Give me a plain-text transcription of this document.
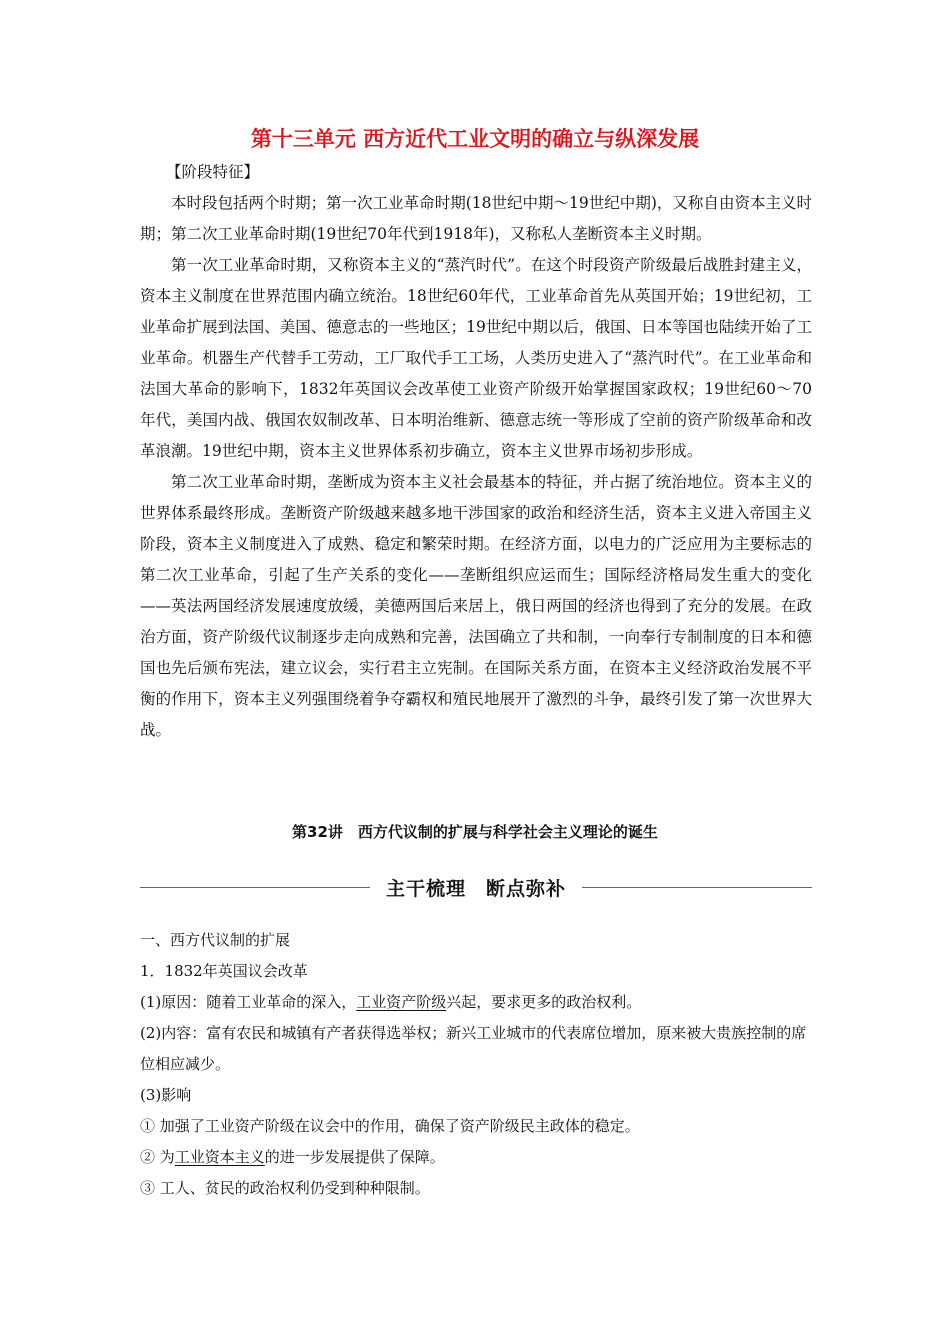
第十三单元 西方近代工业文明的确立与纵深发展

【阶段特征】

本时段包括两个时期；第一次工业革命时期(18世纪中期～19世纪中期)，又称自由资本主义时期；第二次工业革命时期(19世纪70年代到1918年)，又称私人垄断资本主义时期。

第一次工业革命时期，又称资本主义的“蒸汽时代”。在这个时段资产阶级最后战胜封建主义，资本主义制度在世界范围内确立统治。18世纪60年代，工业革命首先从英国开始；19世纪初，工业革命扩展到法国、美国、德意志的一些地区；19世纪中期以后，俄国、日本等国也陆续开始了工业革命。机器生产代替手工劳动，工厂取代手工工场，人类历史进入了“蒸汽时代”。在工业革命和法国大革命的影响下，1832年英国议会改革使工业资产阶级开始掌握国家政权；19世纪60～70年代，美国内战、俄国农奴制改革、日本明治维新、德意志统一等形成了空前的资产阶级革命和改革浪潮。19世纪中期，资本主义世界体系初步确立，资本主义世界市场初步形成。

第二次工业革命时期，垄断成为资本主义社会最基本的特征，并占据了统治地位。资本主义的世界体系最终形成。垄断资产阶级越来越多地干涉国家的政治和经济生活，资本主义进入帝国主义阶段，资本主义制度进入了成熟、稳定和繁荣时期。在经济方面，以电力的广泛应用为主要标志的第二次工业革命，引起了生产关系的变化——垄断组织应运而生；国际经济格局发生重大的变化——英法两国经济发展速度放缓，美德两国后来居上，俄日两国的经济也得到了充分的发展。在政治方面，资产阶级代议制逐步走向成熟和完善，法国确立了共和制，一向奉行专制制度的日本和德国也先后颁布宪法，建立议会，实行君主立宪制。在国际关系方面，在资本主义经济政治发展不平衡的作用下，资本主义列强围绕着争夺霸权和殖民地展开了激烈的斗争，最终引发了第一次世界大战。

第32讲　西方代议制的扩展与科学社会主义理论的诞生
主干梳理　断点弥补

一、西方代议制的扩展

1．1832年英国议会改革

(1)原因：随着工业革命的深入，工业资产阶级兴起，要求更多的政治权利。

(2)内容：富有农民和城镇有产者获得选举权；新兴工业城市的代表席位增加，原来被大贵族控制的席位相应减少。

(3)影响

① 加强了工业资产阶级在议会中的作用，确保了资产阶级民主政体的稳定。

② 为工业资本主义的进一步发展提供了保障。

③ 工人、贫民的政治权利仍受到种种限制。
